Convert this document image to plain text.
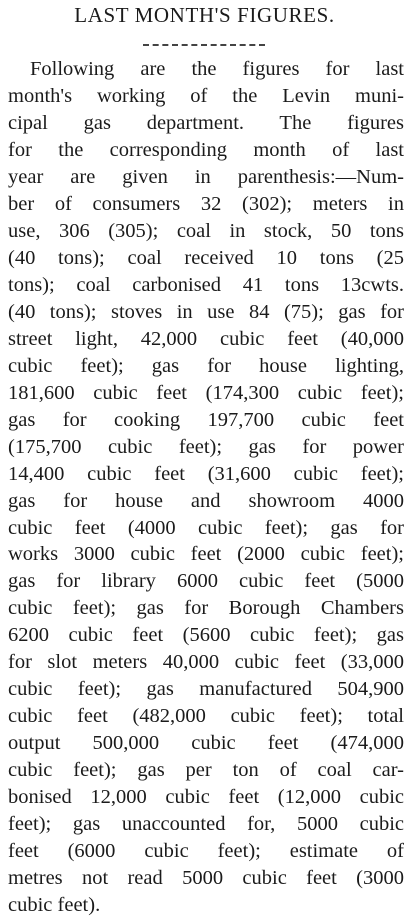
LAST MONTH'S FIGURES.
Following are the figures for last
month's working of the Levin muni-
cipal gas department. The figures
for the corresponding month of last
year are given in parenthesis:—Num-
ber of consumers 32 (302); meters in
use, 306 (305); coal in stock, 50 tons
(40 tons); coal received 10 tons (25
tons); coal carbonised 41 tons 13cwts.
(40 tons); stoves in use 84 (75); gas for
street light, 42,000 cubic feet (40,000
cubic feet); gas for house lighting,
181,600 cubic feet (174,300 cubic feet);
gas for cooking 197,700 cubic feet
(175,700 cubic feet); gas for power
14,400 cubic feet (31,600 cubic feet);
gas for house and showroom 4000
cubic feet (4000 cubic feet); gas for
works 3000 cubic feet (2000 cubic feet);
gas for library 6000 cubic feet (5000
cubic feet); gas for Borough Chambers
6200 cubic feet (5600 cubic feet); gas
for slot meters 40,000 cubic feet (33,000
cubic feet); gas manufactured 504,900
cubic feet (482,000 cubic feet); total
output 500,000 cubic feet (474,000
cubic feet); gas per ton of coal car-
bonised 12,000 cubic feet (12,000 cubic
feet); gas unaccounted for, 5000 cubic
feet (6000 cubic feet); estimate of
metres not read 5000 cubic feet (3000
cubic feet).
